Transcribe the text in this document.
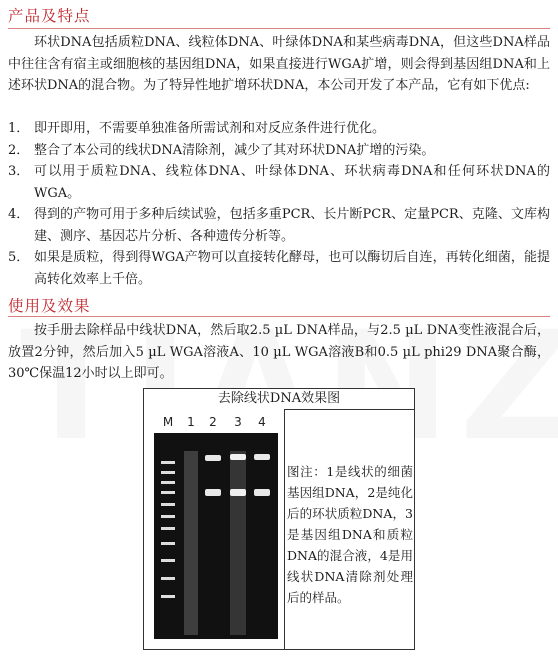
产品及特点

环状DNA包括质粒DNA、线粒体DNA、叶绿体DNA和某些病毒DNA，但这些DNA样品中往往含有宿主或细胞核的基因组DNA，如果直接进行WGA扩增，则会得到基因组DNA和上述环状DNA的混合物。为了特异性地扩增环状DNA，本公司开发了本产品，它有如下优点:

1． 即开即用，不需要单独准备所需试剂和对反应条件进行优化。
2． 整合了本公司的线状DNA清除剂，减少了其对环状DNA扩增的污染。
3． 可以用于质粒DNA、线粒体DNA、叶绿体DNA、环状病毒DNA和任何环状DNA的WGA。
4． 得到的产物可用于多种后续试验，包括多重PCR、长片断PCR、定量PCR、克隆、文库构建、测序、基因芯片分析、各种遗传分析等。
5． 如果是质粒，得到得WGA产物可以直接转化酵母，也可以酶切后自连，再转化细菌，能提高转化效率上千倍。
使用及效果

按手册去除样品中线状DNA，然后取2.5 µL DNA样品，与2.5 µL DNA变性液混合后，放置2分钟，然后加入5 µL WGA溶液A、10 µL WGA溶液B和0.5 µL phi29 DNA聚合酶，30℃保温12小时以上即可。

去除线状DNA效果图
M 1 2 3 4
图注：1是线状的细菌基因组DNA，2是纯化后的环状质粒DNA，3是基因组DNA和质粒DNA的混合液，4是用线状DNA清除剂处理后的样品。
